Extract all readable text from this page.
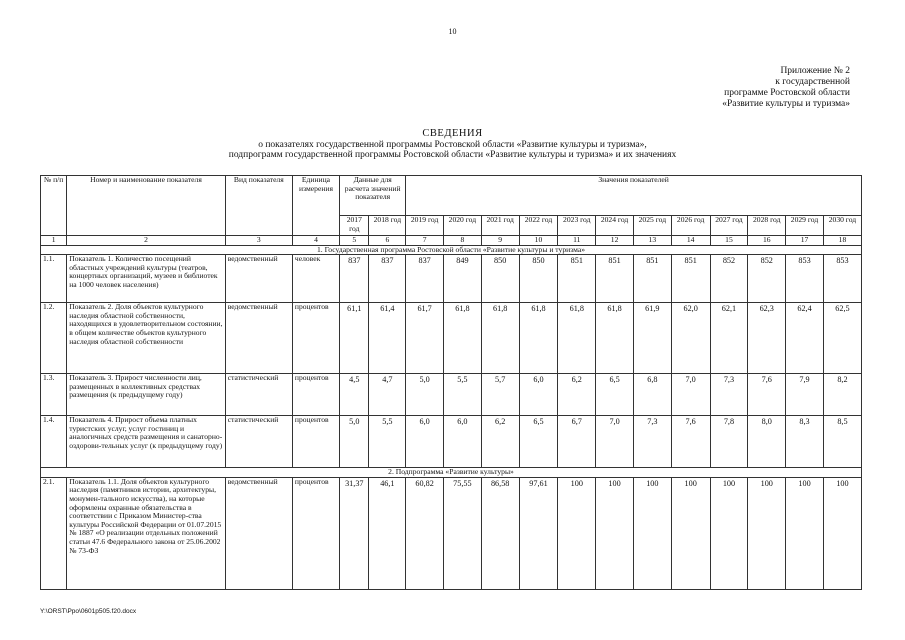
10
Приложение № 2
к государственной
программе Ростовской области
«Развитие культуры и туризма»
СВЕДЕНИЯ
о показателях государственной программы Ростовской области «Развитие культуры и туризма»,
подпрограмм государственной программы Ростовской области «Развитие культуры и туризма» и их значениях
№ п/п	Номер и наименование показателя	Вид показателя	Единица измерения	Данные для расчета значений показателя		Значения показателей											
				2017 год	2018 год	2019 год	2020 год	2021 год	2022 год	2023 год	2024 год	2025 год	2026 год	2027 год	2028 год	2029 год	2030 год
1	2	3	4	5	6	7	8	9	10	11	12	13	14	15	16	17	18
1. Государственная программа Ростовской области «Развитие культуры и туризма»																	
1.1.	Показатель 1. Количество посещений областных учреждений культуры (театров, концертных организаций, музеев и библиотек на 1000 человек населения)	ведомственный	человек	837	837	837	849	850	850	851	851	851	851	852	852	853	853
1.2.	Показатель 2. Доля объектов культурного наследия областной собственности, находящихся в удовлетворительном состоянии, в общем количестве объектов культурного наследия областной собственности	ведомственный	процентов	61,1	61,4	61,7	61,8	61,8	61,8	61,8	61,8	61,9	62,0	62,1	62,3	62,4	62,5
1.3.	Показатель 3. Прирост численности лиц, размещенных в коллективных средствах размещения (к предыдущему году)	статистический	процентов	4,5	4,7	5,0	5,5	5,7	6,0	6,2	6,5	6,8	7,0	7,3	7,6	7,9	8,2
1.4.	Показатель 4. Прирост объема платных туристских услуг, услуг гостиниц и аналогичных средств размещения и санаторно-оздорови-тельных услуг (к предыдущему году)	статистический	процентов	5,0	5,5	6,0	6,0	6,2	6,5	6,7	7,0	7,3	7,6	7,8	8,0	8,3	8,5
2. Подпрограмма «Развитие культуры»																	
2.1.	Показатель 1.1. Доля объектов культурного наследия (памятников истории, архитектуры, монумен-тального искусства), на которые оформлены охранные обязательства в соответствии с Приказом Министер-ства культуры Российской Федерации от 01.07.2015 № 1887 «О реализации отдельных положений статьи 47.6 Федерального закона от 25.06.2002 № 73-ФЗ	ведомственный	процентов	31,37	46,1	60,82	75,55	86,58	97,61	100	100	100	100	100	100	100	100
Y:\ORST\Ppo\0601p505.f20.docx
